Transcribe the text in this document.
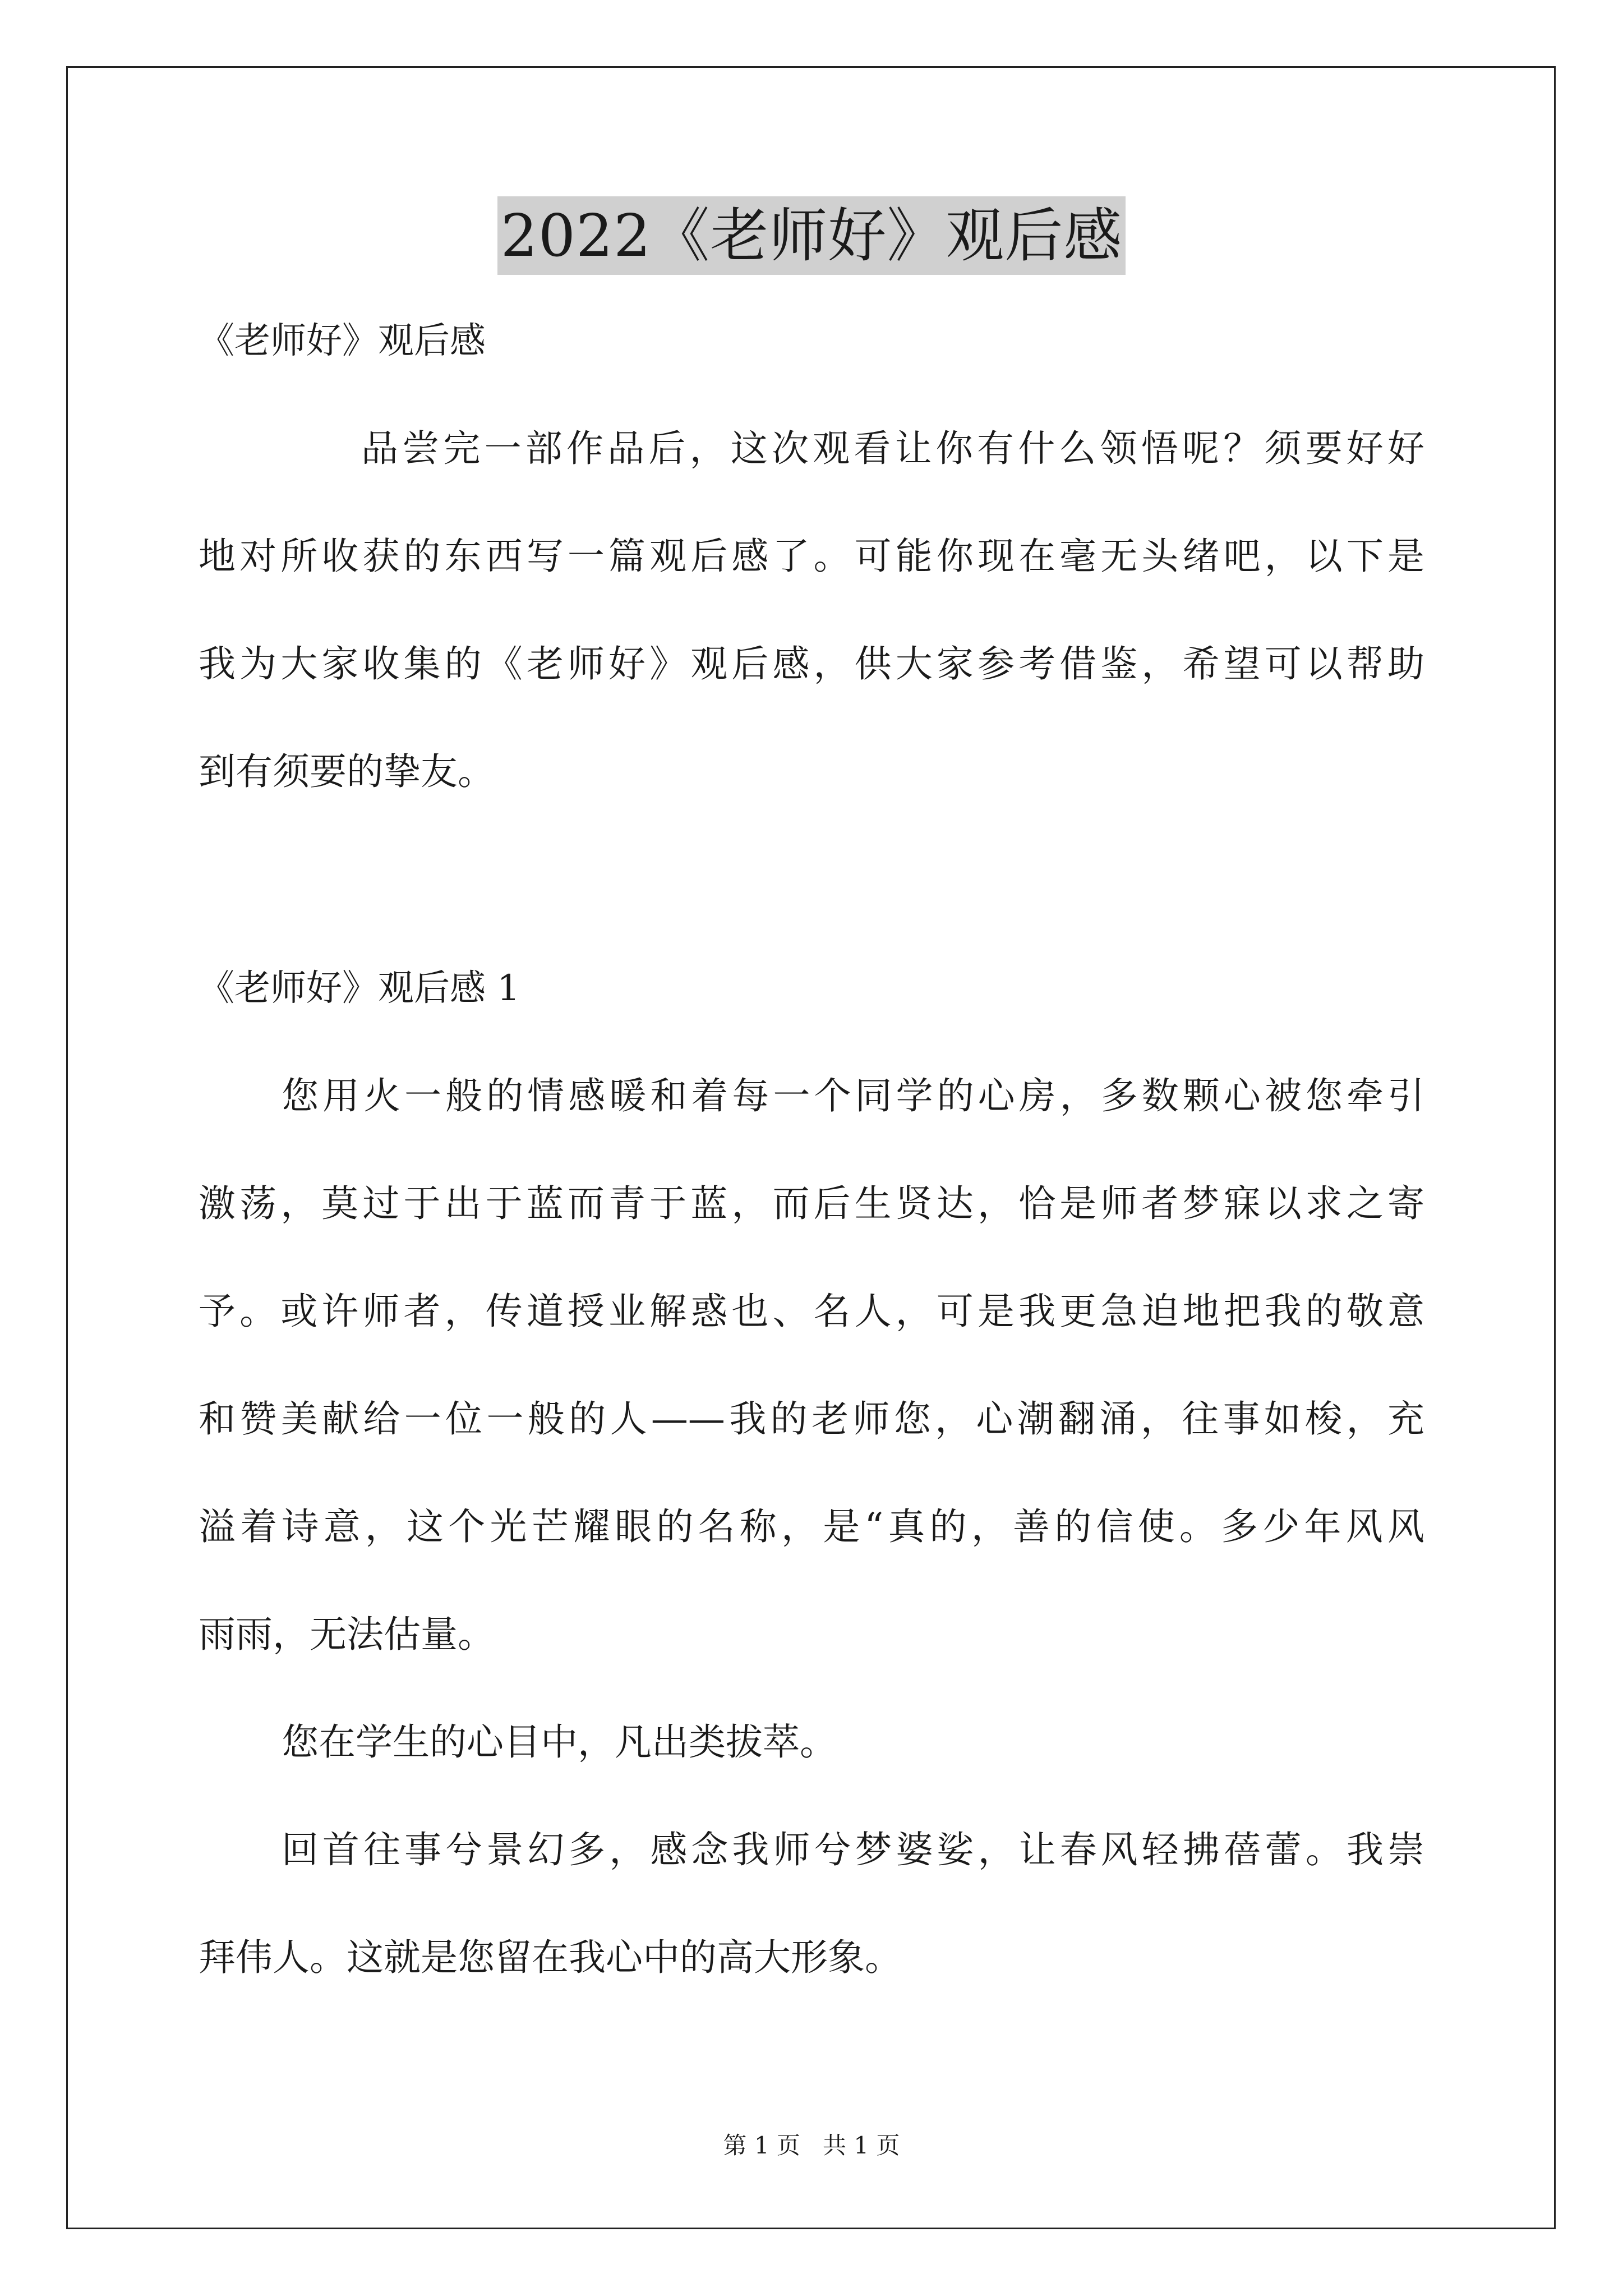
2022《老师好》观后感

《老师好》观后感

品尝完一部作品后，这次观看让你有什么领悟呢？须要好好

地对所收获的东西写一篇观后感了。可能你现在毫无头绪吧，以下是

我为大家收集的《老师好》观后感，供大家参考借鉴，希望可以帮助

到有须要的挚友。

《老师好》观后感 1

您用火一般的情感暖和着每一个同学的心房，多数颗心被您牵引

激荡，莫过于出于蓝而青于蓝，而后生贤达，恰是师者梦寐以求之寄

予。或许师者，传道授业解惑也、名人，可是我更急迫地把我的敬意

和赞美献给一位一般的人——我的老师您，心潮翻涌，往事如梭，充

溢着诗意，这个光芒耀眼的名称，是“真的，善的信使。多少年风风

雨雨，无法估量。

您在学生的心目中，凡出类拔萃。

回首往事兮景幻多，感念我师兮梦婆娑，让春风轻拂蓓蕾。我崇

拜伟人。这就是您留在我心中的高大形象。

第 1 页   共 1 页
